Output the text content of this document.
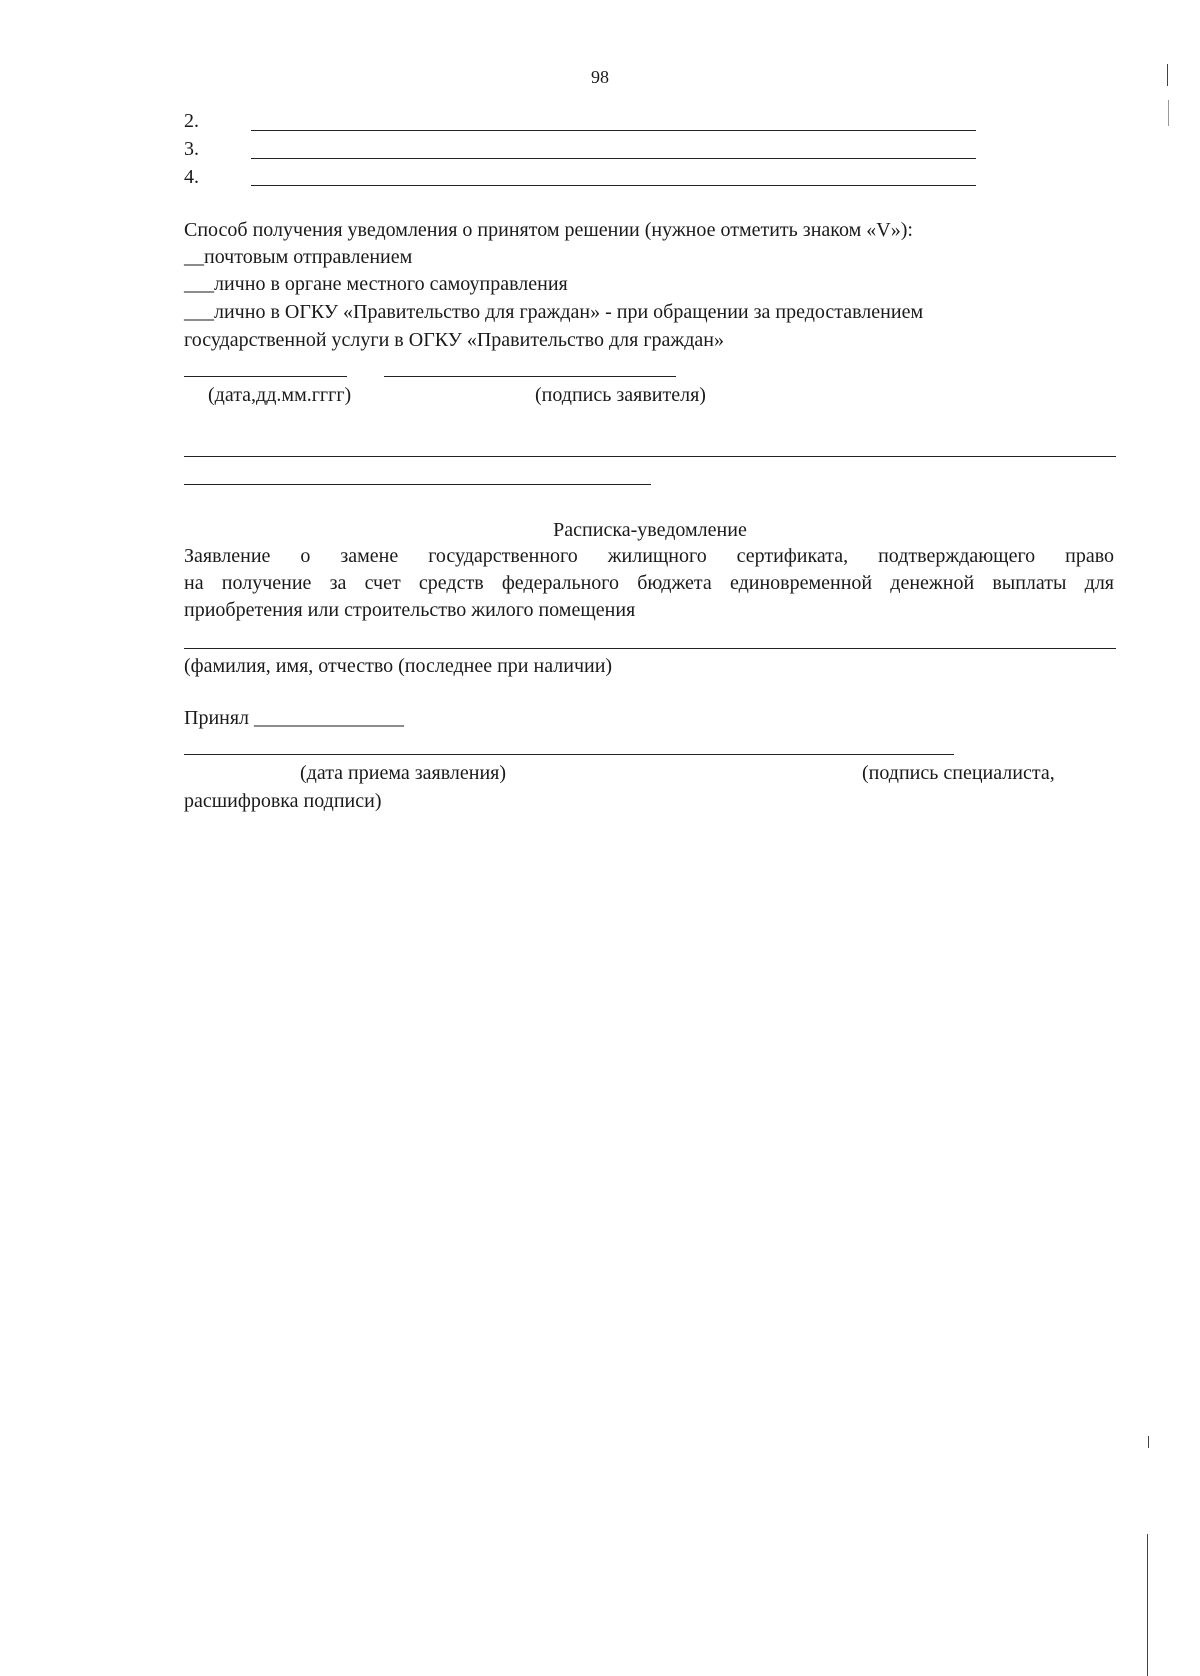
98
2.
3.
4.
Способ получения уведомления о принятом решении (нужное отметить знаком «V»):
__почтовым отправлением
___лично в органе местного самоуправления
___лично в ОГКУ «Правительство для граждан» - при обращении за предоставлением
государственной услуги в ОГКУ «Правительство для граждан»
(дата,дд.мм.гггг)	(подпись заявителя)
Расписка-уведомление
Заявление о замене государственного жилищного сертификата, подтверждающего право
на получение за счет средств федерального бюджета единовременной денежной выплаты для
приобретения или строительство жилого помещения
(фамилия, имя, отчество (последнее при наличии)
Принял _______________
(дата приема заявления)	(подпись специалиста,
расшифровка подписи)
